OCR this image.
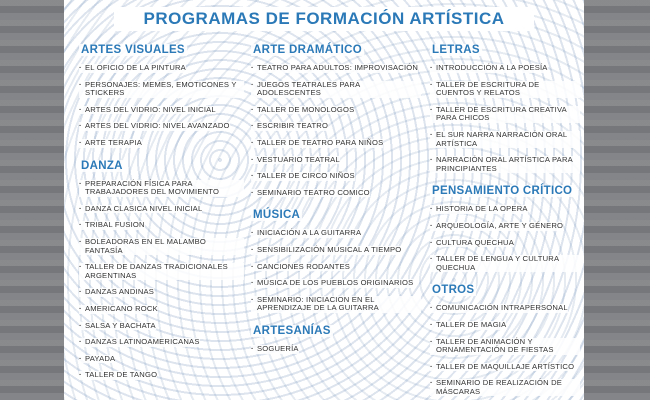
PROGRAMAS DE FORMACIÓN ARTÍSTICA
ARTES VISUALES
· EL OFICIO DE LA PINTURA
· PERSONAJES: MEMES, EMOTICONES Y STICKERS
· ARTES DEL VIDRIO: NIVEL INICIAL
· ARTES DEL VIDRIO: NIVEL AVANZADO
· ARTE TERAPIA
DANZA
· PREPARACIÓN FÍSICA PARA TRABAJADORES DEL MOVIMIENTO
· DANZA CLASICA NIVEL INICIAL
· TRIBAL FUSION
· BOLEADORAS EN EL MALAMBO FANTASÍA
· TALLER DE DANZAS TRADICIONALES ARGENTINAS
· DANZAS ANDINAS
· AMERICANO ROCK
· SALSA Y BACHATA
· DANZAS LATINOAMERICANAS
· PAYADA
· TALLER DE TANGO
ARTE DRAMÁTICO
· TEATRO PARA ADULTOS: IMPROVISACIÓN
· JUEGOS TEATRALES PARA ADOLESCENTES
· TALLER DE MONOLOGOS
· ESCRIBIR TEATRO
· TALLER DE TEATRO PARA NIÑOS
· VESTUARIO TEATRAL
· TALLER DE CIRCO NIÑOS
· SEMINARIO TEATRO COMICO
MÚSICA
· INICIACIÓN A LA GUITARRA
· SENSIBILIZACIÓN MUSICAL A TIEMPO
· CANCIONES RODANTES
· MÚSICA DE LOS PUEBLOS ORIGINARIOS
· SEMINARIO: INICIACION EN EL APRENDIZAJE DE LA GUITARRA
ARTESANÍAS
· SOGUERÍA
LETRAS
· INTRODUCCIÓN A LA POESÍA
· TALLER DE ESCRITURA DE CUENTOS Y RELATOS
· TALLER DE ESCRITURA CREATIVA PARA CHICOS
· EL SUR NARRA NARRACIÓN ORAL ARTÍSTICA
· NARRACIÓN ORAL ARTÍSTICA PARA PRINCIPIANTES
PENSAMIENTO CRÍTICO
· HISTORIA DE LA OPERA
· ARQUEOLOGÍA, ARTE Y GÉNERO
· CULTURA QUECHUA
· TALLER DE LENGUA Y CULTURA QUECHUA
OTROS
· COMUNICACIÓN INTRAPERSONAL
· TALLER DE MAGIA
· TALLER DE ANIMACIÓN Y ORNAMENTACIÓN DE FIESTAS
· TALLER DE MAQUILLAJE ARTÍSTICO
· SEMINARIO DE REALIZACIÓN DE MÁSCARAS
